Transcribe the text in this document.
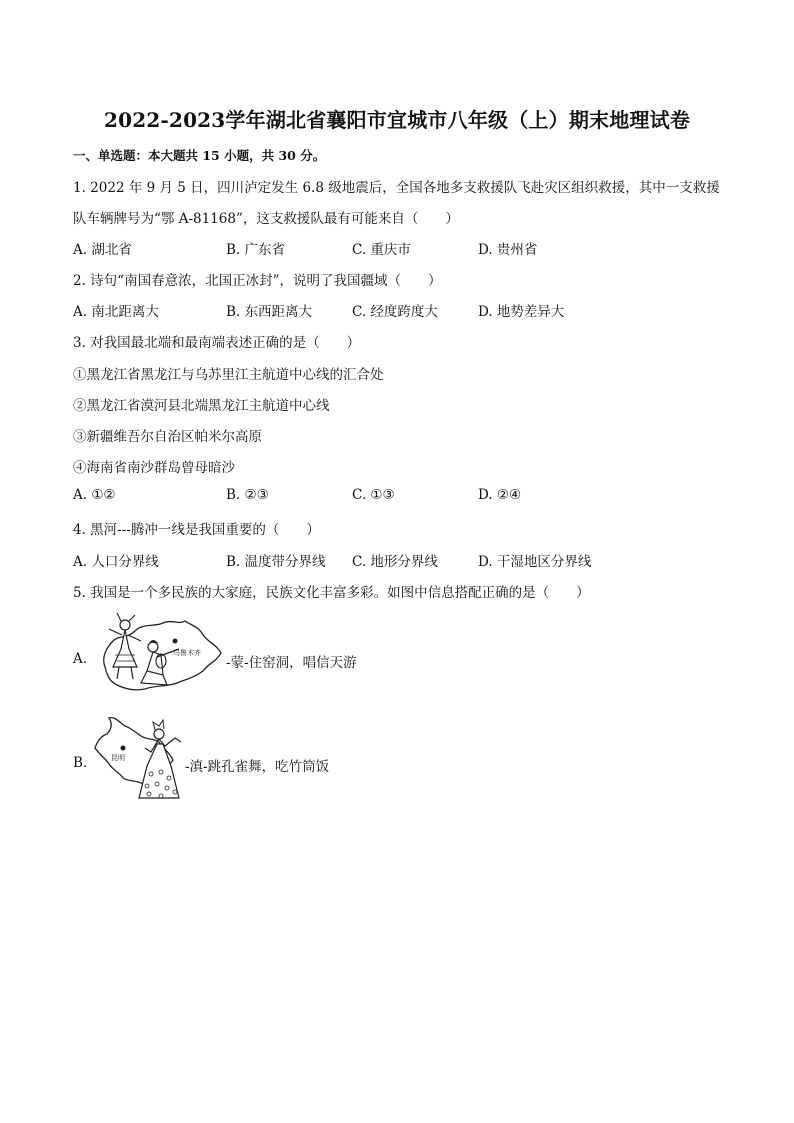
2022-2023学年湖北省襄阳市宜城市八年级（上）期末地理试卷
一、单选题：本大题共 15 小题，共 30 分。
1. 2022 年 9 月 5 日，四川泸定发生 6.8 级地震后，全国各地多支救援队飞赴灾区组织救援，其中一支救援
队车辆牌号为“鄂 A-81168”，这支救援队最有可能来自（　　）
A. 湖北省	B. 广东省	C. 重庆市	D. 贵州省
2. 诗句“南国春意浓，北国正冰封”，说明了我国疆域（　　）
A. 南北距离大	B. 东西距离大	C. 经度跨度大	D. 地势差异大
3. 对我国最北端和最南端表述正确的是（　　）
①黑龙江省黑龙江与乌苏里江主航道中心线的汇合处
②黑龙江省漠河县北端黑龙江主航道中心线
③新疆维吾尔自治区帕米尔高原
④海南省南沙群岛曾母暗沙
A. ①②	B. ②③	C. ①③	D. ②④
4. 黑河---腾冲一线是我国重要的（　　）
A. 人口分界线	B. 温度带分界线 C. 地形分界线	D. 干湿地区分界线
5. 我国是一个多民族的大家庭，民族文化丰富多彩。如图中信息搭配正确的是（　　）
A.	乌鲁木齐
-蒙-住窑洞，唱信天游
B.	昆明
-滇-跳孔雀舞，吃竹筒饭
